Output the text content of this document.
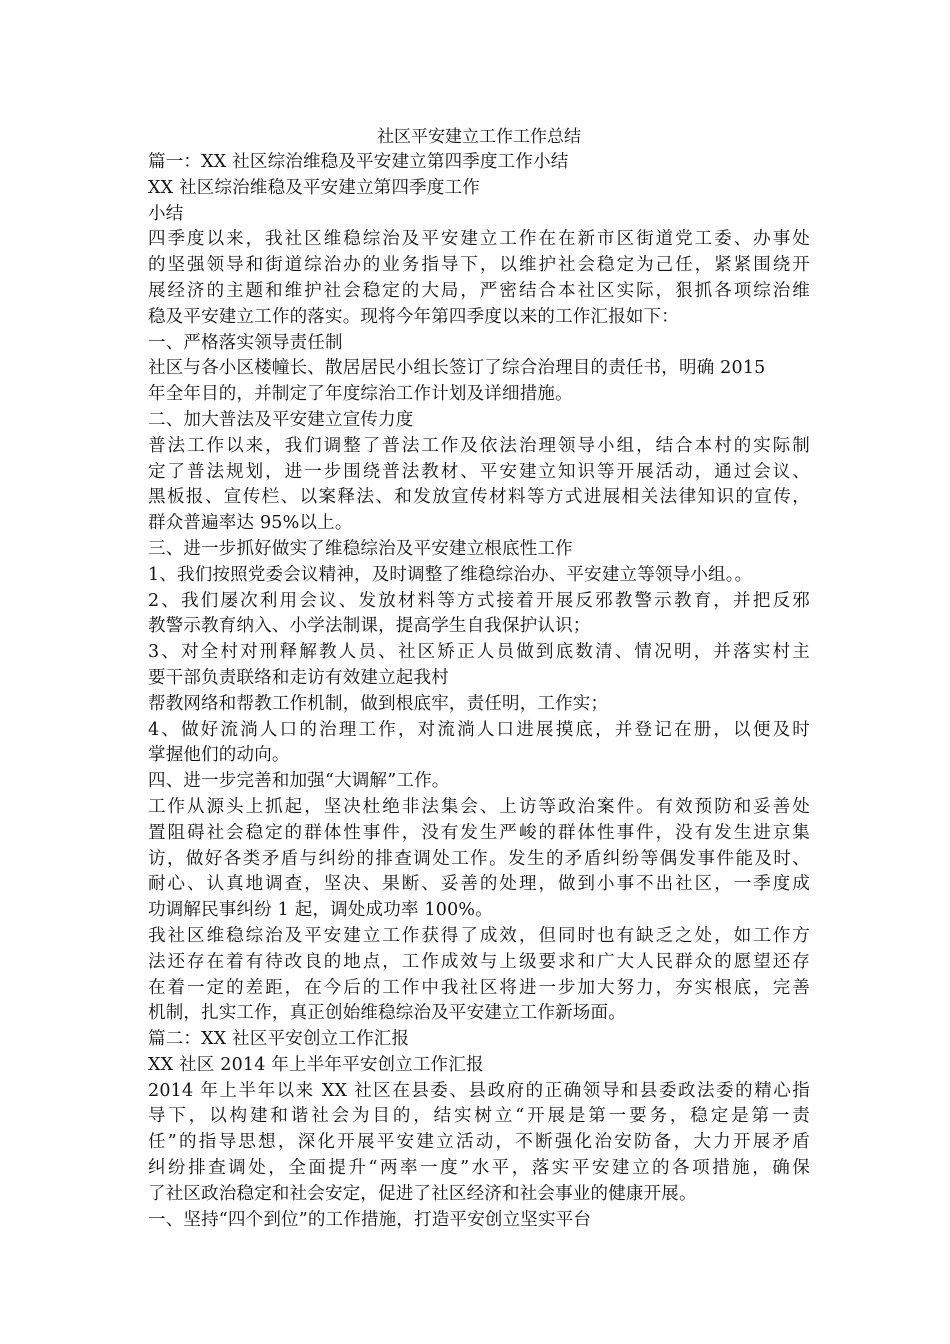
社区平安建立工作工作总结

篇一：XX 社区综治维稳及平安建立第四季度工作小结

XX 社区综治维稳及平安建立第四季度工作

小结

四季度以来，我社区维稳综治及平安建立工作在在新市区街道党工委、办事处

的坚强领导和街道综治办的业务指导下，以维护社会稳定为己任，紧紧围绕开

展经济的主题和维护社会稳定的大局，严密结合本社区实际，狠抓各项综治维

稳及平安建立工作的落实。现将今年第四季度以来的工作汇报如下：

一、严格落实领导责任制

社区与各小区楼幢长、散居居民小组长签订了综合治理目的责任书，明确 2015

年全年目的，并制定了年度综治工作计划及详细措施。

二、加大普法及平安建立宣传力度

普法工作以来，我们调整了普法工作及依法治理领导小组，结合本村的实际制

定了普法规划，进一步围绕普法教材、平安建立知识等开展活动，通过会议、

黑板报、宣传栏、以案释法、和发放宣传材料等方式进展相关法律知识的宣传，

群众普遍率达 95%以上。

三、进一步抓好做实了维稳综治及平安建立根底性工作

1、我们按照党委会议精神，及时调整了维稳综治办、平安建立等领导小组。。

2、我们屡次利用会议、发放材料等方式接着开展反邪教警示教育，并把反邪

教警示教育纳入、小学法制课，提高学生自我保护认识；

3、对全村对刑释解教人员、社区矫正人员做到底数清、情况明，并落实村主

要干部负责联络和走访有效建立起我村

帮教网络和帮教工作机制，做到根底牢，责任明，工作实；

4、做好流淌人口的治理工作，对流淌人口进展摸底，并登记在册，以便及时

掌握他们的动向。

四、进一步完善和加强“大调解”工作。

工作从源头上抓起，坚决杜绝非法集会、上访等政治案件。有效预防和妥善处

置阻碍社会稳定的群体性事件，没有发生严峻的群体性事件，没有发生进京集

访，做好各类矛盾与纠纷的排查调处工作。发生的矛盾纠纷等偶发事件能及时、

耐心、认真地调查，坚决、果断、妥善的处理，做到小事不出社区，一季度成

功调解民事纠纷 1 起，调处成功率 100%。

我社区维稳综治及平安建立工作获得了成效，但同时也有缺乏之处，如工作方

法还存在着有待改良的地点，工作成效与上级要求和广大人民群众的愿望还存

在着一定的差距，在今后的工作中我社区将进一步加大努力，夯实根底，完善

机制，扎实工作，真正创始维稳综治及平安建立工作新场面。

篇二：XX 社区平安创立工作汇报

XX 社区 2014 年上半年平安创立工作汇报

2014 年上半年以来 XX 社区在县委、县政府的正确领导和县委政法委的精心指

导下，以构建和谐社会为目的，结实树立“开展是第一要务，稳定是第一责

任”的指导思想，深化开展平安建立活动，不断强化治安防备，大力开展矛盾

纠纷排查调处，全面提升“两率一度”水平，落实平安建立的各项措施，确保

了社区政治稳定和社会安定，促进了社区经济和社会事业的健康开展。

一、坚持“四个到位”的工作措施，打造平安创立坚实平台
